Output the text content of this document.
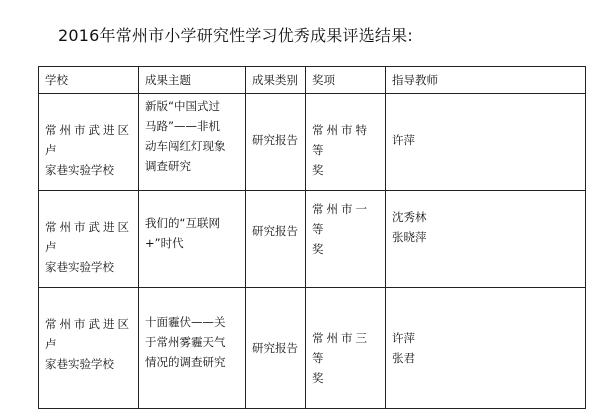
2016年常州市小学研究性学习优秀成果评选结果:
学校	成果主题	成果类别	奖项	指导教师

常州市武进区卢
家巷实验学校	新版“中国式过
马路”——非机
动车闯红灯现象
调查研究	研究报告	常州市特等
奖	许萍

常州市武进区卢
家巷实验学校	我们的“互联网
+”时代	研究报告	常州市一等
奖	沈秀林
张晓萍

常州市武进区卢
家巷实验学校	十面霾伏——关
于常州雾霾天气
情况的调查研究	研究报告	常州市三等
奖	许萍
张君
